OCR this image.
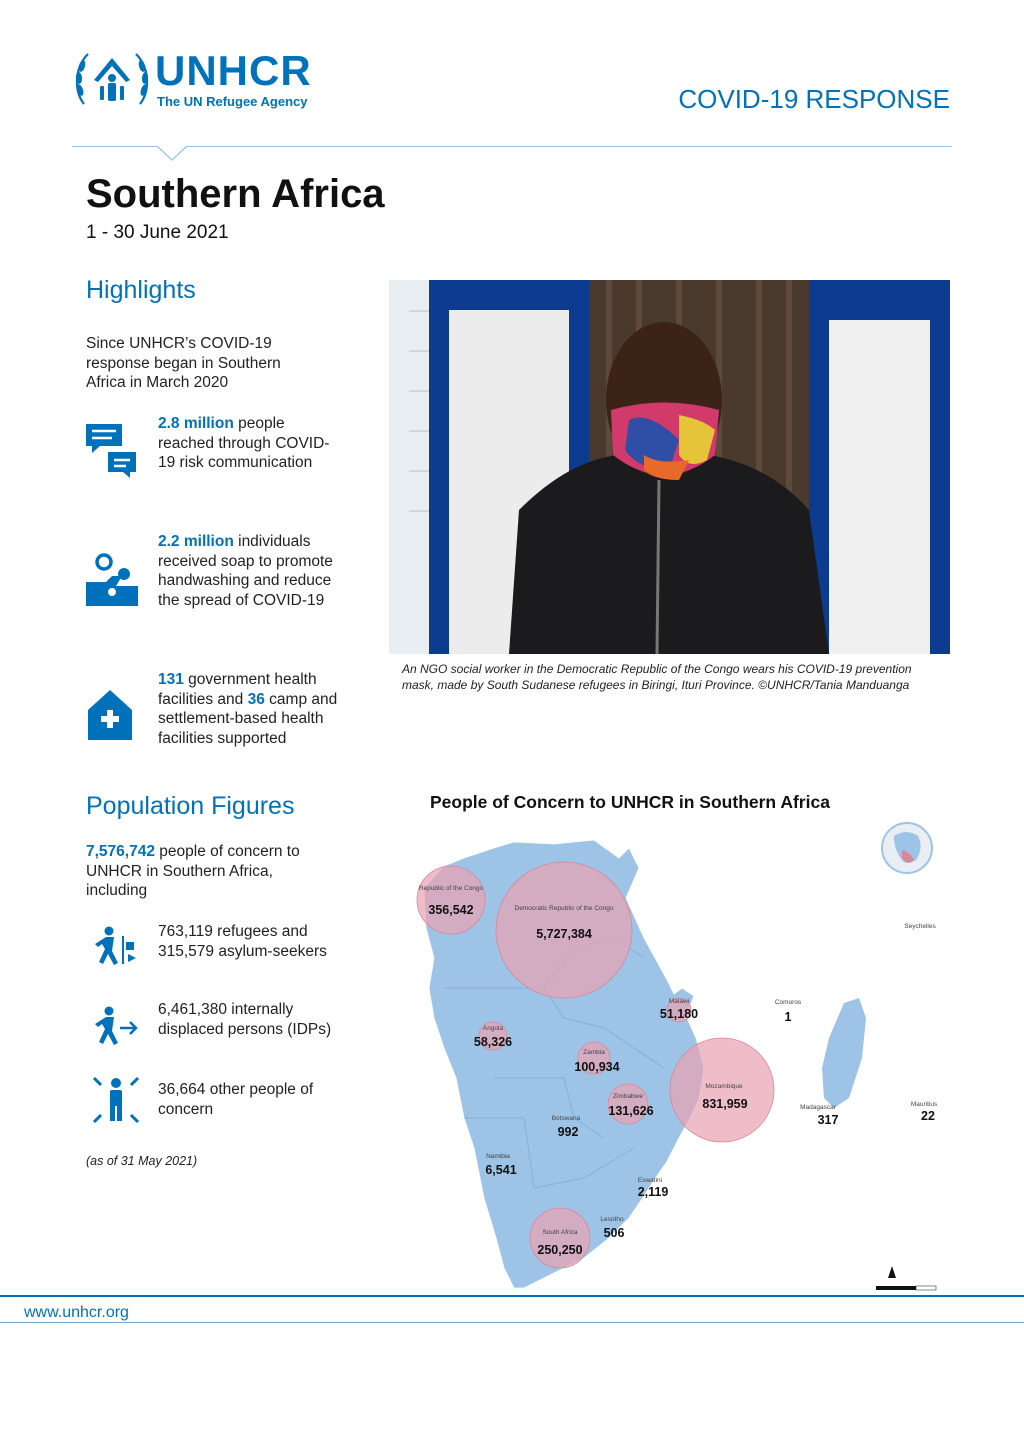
UNHCR
The UN Refugee Agency	COVID-19 RESPONSE
Southern Africa
1 - 30 June 2021
Highlights
Since UNHCR’s COVID-19 response began in Southern Africa in March 2020
2.8 million people reached through COVID-19 risk communication
2.2 million individuals received soap to promote handwashing and reduce the spread of COVID-19
131 government health facilities and 36 camp and settlement-based health facilities supported
Population Figures
7,576,742 people of concern to UNHCR in Southern Africa, including
763,119 refugees and 315,579 asylum-seekers
6,461,380 internally displaced persons (IDPs)
36,664 other people of concern
(as of 31 May 2021)
An NGO social worker in the Democratic Republic of the Congo wears his COVID-19 prevention mask, made by South Sudanese refugees in Biringi, Ituri Province. ©UNHCR/Tania Manduanga
People of Concern to UNHCR in Southern Africa
Republic of the Congo
356,542	Democratic Republic of the Congo
5,727,384
Malawi
51,180
Angola
58,326
Zambia
100,934
Zimbabwe
131,626
Mozambique
831,959
Botswana
992
Madagascar
317
Namibia
6,541
Eswatini
2,119
Lesotho
506
South Africa
250,250
Comoros
1
Mauritius
22
Seychelles
www.unhcr.org
